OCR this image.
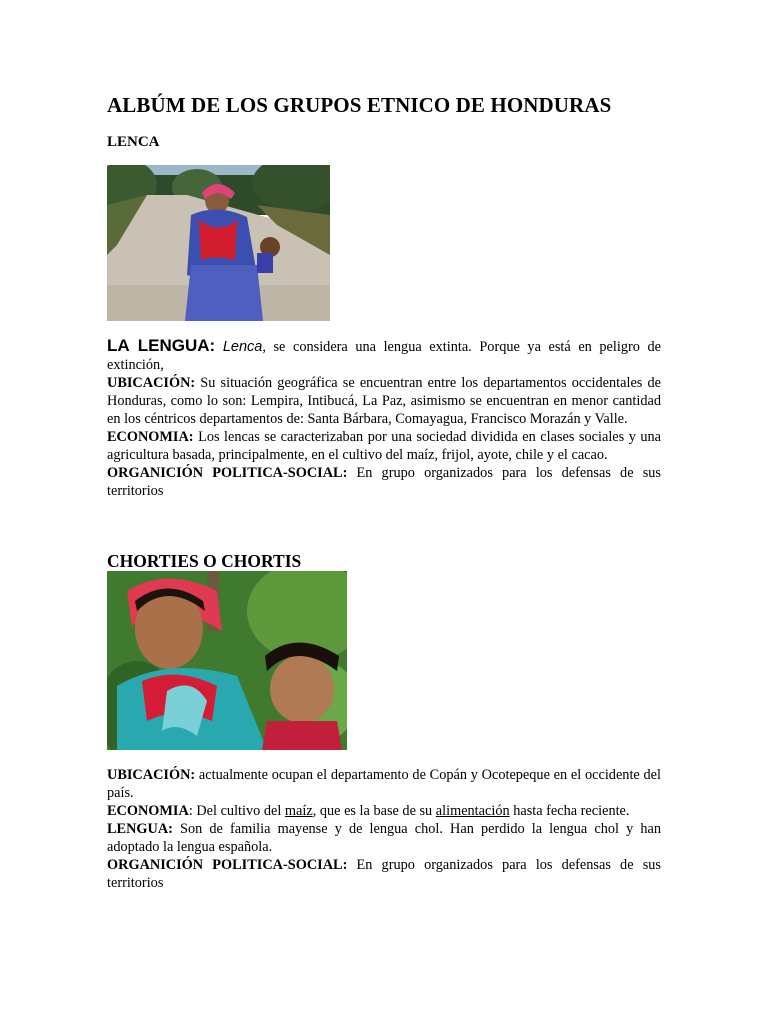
ALBÚM DE LOS GRUPOS ETNICO DE HONDURAS
LENCA

LA LENGUA: Lenca, se considera una lengua extinta. Porque ya está en peligro de extinción,

UBICACIÓN: Su situación geográfica se encuentran entre los departamentos occidentales de Honduras, como lo son: Lempira, Intibucá, La Paz, asimismo se encuentran en menor cantidad en los céntricos departamentos de: Santa Bárbara, Comayagua, Francisco Morazán y Valle.

ECONOMIA: Los lencas se caracterizaban por una sociedad dividida en clases sociales y una agricultura basada, principalmente, en el cultivo del maíz, frijol, ayote, chile y el cacao.

ORGANICIÓN POLITICA-SOCIAL: En grupo organizados para los defensas de sus territorios

CHORTIES O CHORTIS

UBICACIÓN: actualmente ocupan el departamento de Copán y Ocotepeque en el occidente del país.

ECONOMIA: Del cultivo del maíz, que es la base de su alimentación hasta fecha reciente.

LENGUA: Son de familia mayense y de lengua chol. Han perdido la lengua chol y han adoptado la lengua española.

ORGANICIÓN POLITICA-SOCIAL: En grupo organizados para los defensas de sus territorios
